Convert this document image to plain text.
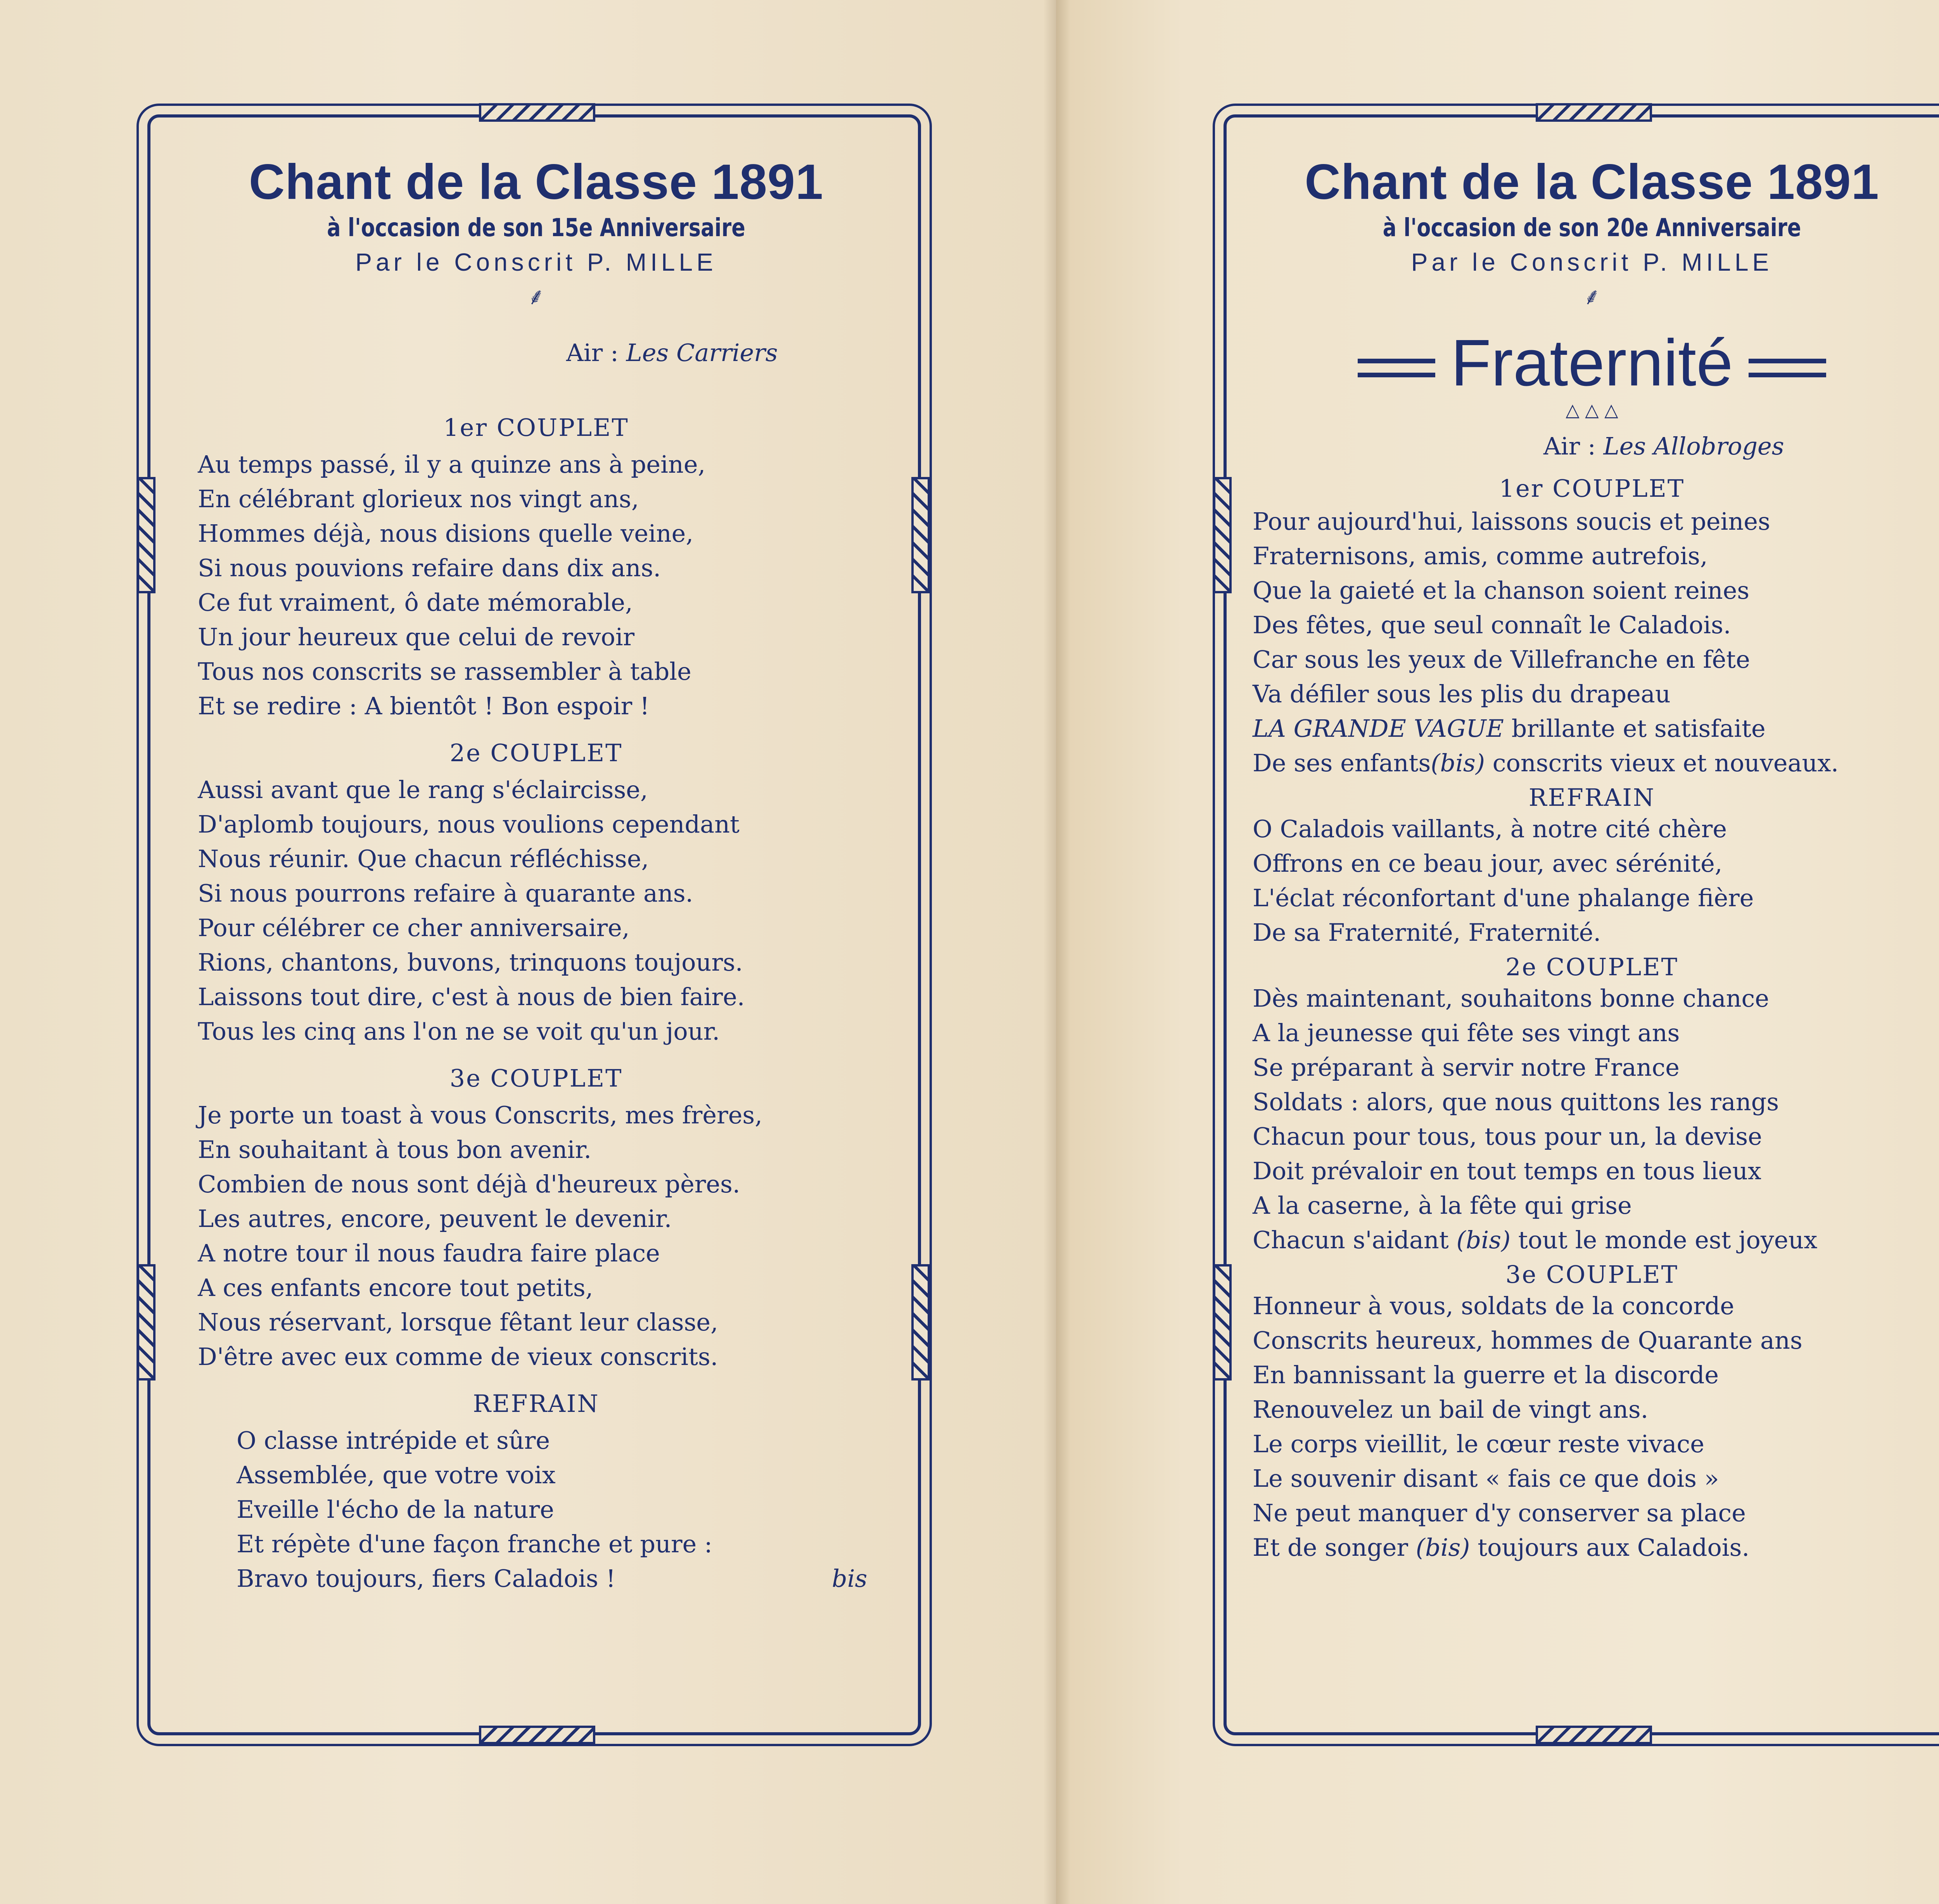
Chant de la Classe 1891

à l'occasion de son 15e Anniversaire

Par le Conscrit P. MILLE

⸙

Air : Les Carriers

1er COUPLET

Au temps passé, il y a quinze ans à peine,

En célébrant glorieux nos vingt ans,

Hommes déjà, nous disions quelle veine,

Si nous pouvions refaire dans dix ans.

Ce fut vraiment, ô date mémorable,

Un jour heureux que celui de revoir

Tous nos conscrits se rassembler à table

Et se redire : A bientôt ! Bon espoir !

2e COUPLET

Aussi avant que le rang s'éclaircisse,

D'aplomb toujours, nous voulions cependant

Nous réunir. Que chacun réfléchisse,

Si nous pourrons refaire à quarante ans.

Pour célébrer ce cher anniversaire,

Rions, chantons, buvons, trinquons toujours.

Laissons tout dire, c'est à nous de bien faire.

Tous les cinq ans l'on ne se voit qu'un jour.

3e COUPLET

Je porte un toast à vous Conscrits, mes frères,

En souhaitant à tous bon avenir.

Combien de nous sont déjà d'heureux pères.

Les autres, encore, peuvent le devenir.

A notre tour il nous faudra faire place

A ces enfants encore tout petits,

Nous réservant, lorsque fêtant leur classe,

D'être avec eux comme de vieux conscrits.

REFRAIN

O classe intrépide et sûre

Assemblée, que votre voix

Eveille l'écho de la nature

Et répète d'une façon franche et pure :

Bravo toujours, fiers Caladois !	bis

Chant de la Classe 1891

à l'occasion de son 20e Anniversaire

Par le Conscrit P. MILLE

⸙

Fraternité

△ △ △

Air : Les Allobroges

1er COUPLET

Pour aujourd'hui, laissons soucis et peines

Fraternisons, amis, comme autrefois,

Que la gaieté et la chanson soient reines

Des fêtes, que seul connaît le Caladois.

Car sous les yeux de Villefranche en fête

Va défiler sous les plis du drapeau

LA GRANDE VAGUE brillante et satisfaite

De ses enfants(bis) conscrits vieux et nouveaux.

REFRAIN

O Caladois vaillants, à notre cité chère

Offrons en ce beau jour, avec sérénité,

L'éclat réconfortant d'une phalange fière

De sa Fraternité, Fraternité.

2e COUPLET

Dès maintenant, souhaitons bonne chance

A la jeunesse qui fête ses vingt ans

Se préparant à servir notre France

Soldats : alors, que nous quittons les rangs

Chacun pour tous, tous pour un, la devise

Doit prévaloir en tout temps en tous lieux

A la caserne, à la fête qui grise

Chacun s'aidant (bis) tout le monde est joyeux

3e COUPLET

Honneur à vous, soldats de la concorde

Conscrits heureux, hommes de Quarante ans

En bannissant la guerre et la discorde

Renouvelez un bail de vingt ans.

Le corps vieillit, le cœur reste vivace

Le souvenir disant « fais ce que dois »

Ne peut manquer d'y conserver sa place

Et de songer (bis) toujours aux Caladois.
